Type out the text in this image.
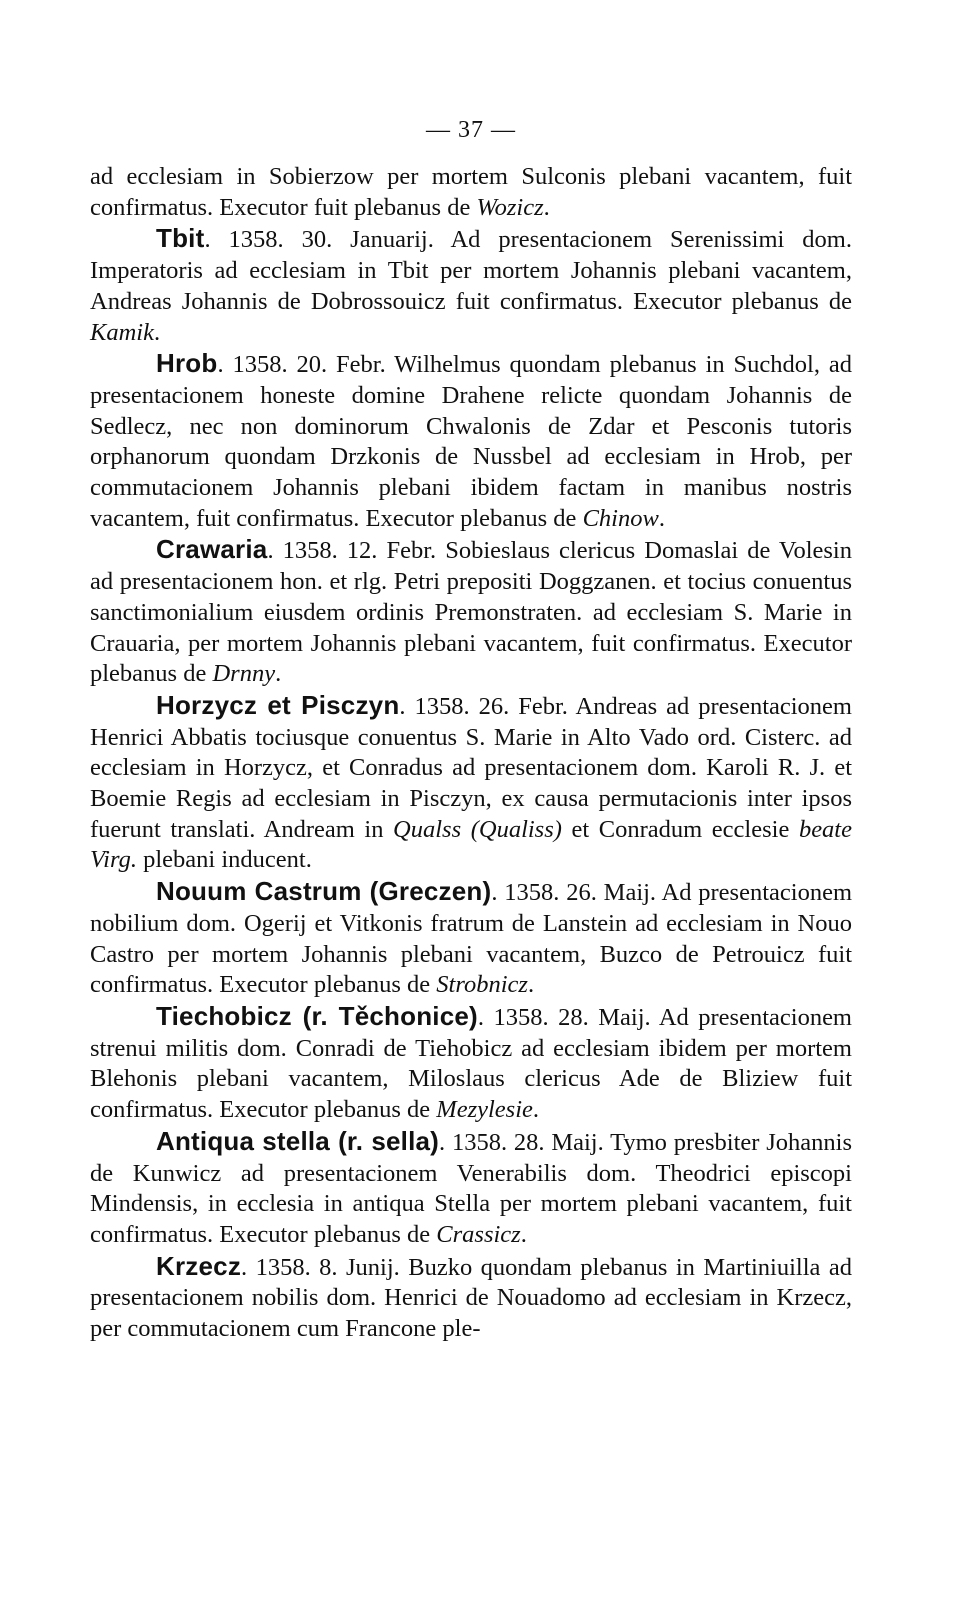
— 37 —

ad ecclesiam in Sobierzow per mortem Sulconis plebani vacantem, fuit confirmatus. Executor fuit plebanus de Wozicz.

Tbit. 1358. 30. Januarij. Ad presentacionem Serenissimi dom. Imperatoris ad ecclesiam in Tbit per mortem Johannis plebani vacantem, Andreas Johannis de Dobrossouicz fuit confirmatus. Executor plebanus de Kamik.

Hrob. 1358. 20. Febr. Wilhelmus quondam plebanus in Suchdol, ad presentacionem honeste domine Drahene relicte quondam Johannis de Sedlecz, nec non dominorum Chwalonis de Zdar et Pesconis tutoris orphanorum quondam Drzkonis de Nussbel ad ecclesiam in Hrob, per commutacionem Johannis plebani ibidem factam in manibus nostris vacantem, fuit confirmatus. Executor plebanus de Chinow.

Crawaria. 1358. 12. Febr. Sobieslaus clericus Domaslai de Volesin ad presentacionem hon. et rlg. Petri prepositi Doggzanen. et tocius conuentus sanctimonialium eiusdem ordinis Premonstraten. ad ecclesiam S. Marie in Crauaria, per mortem Johannis plebani vacantem, fuit confirmatus. Executor plebanus de Drnny.

Horzycz et Pisczyn. 1358. 26. Febr. Andreas ad presentacionem Henrici Abbatis tociusque conuentus S. Marie in Alto Vado ord. Cisterc. ad ecclesiam in Horzycz, et Conradus ad presentacionem dom. Karoli R. J. et Boemie Regis ad ecclesiam in Pisczyn, ex causa permutacionis inter ipsos fuerunt translati. Andream in Qualss (Qualiss) et Conradum ecclesie beate Virg. plebani inducent.

Nouum Castrum (Greczen). 1358. 26. Maij. Ad presentacionem nobilium dom. Ogerij et Vitkonis fratrum de Lanstein ad ecclesiam in Nouo Castro per mortem Johannis plebani vacantem, Buzco de Petrouicz fuit confirmatus. Executor plebanus de Strobnicz.

Tiechobicz (r. Těchonice). 1358. 28. Maij. Ad presentacionem strenui militis dom. Conradi de Tiehobicz ad ecclesiam ibidem per mortem Blehonis plebani vacantem, Miloslaus clericus Ade de Bliziew fuit confirmatus. Executor plebanus de Mezylesie.

Antiqua stella (r. sella). 1358. 28. Maij. Tymo presbiter Johannis de Kunwicz ad presentacionem Venerabilis dom. Theodrici episcopi Mindensis, in ecclesia in antiqua Stella per mortem plebani vacantem, fuit confirmatus. Executor plebanus de Crassicz.

Krzecz. 1358. 8. Junij. Buzko quondam plebanus in Martiniuilla ad presentacionem nobilis dom. Henrici de Nouadomo ad ecclesiam in Krzecz, per commutacionem cum Francone ple-
